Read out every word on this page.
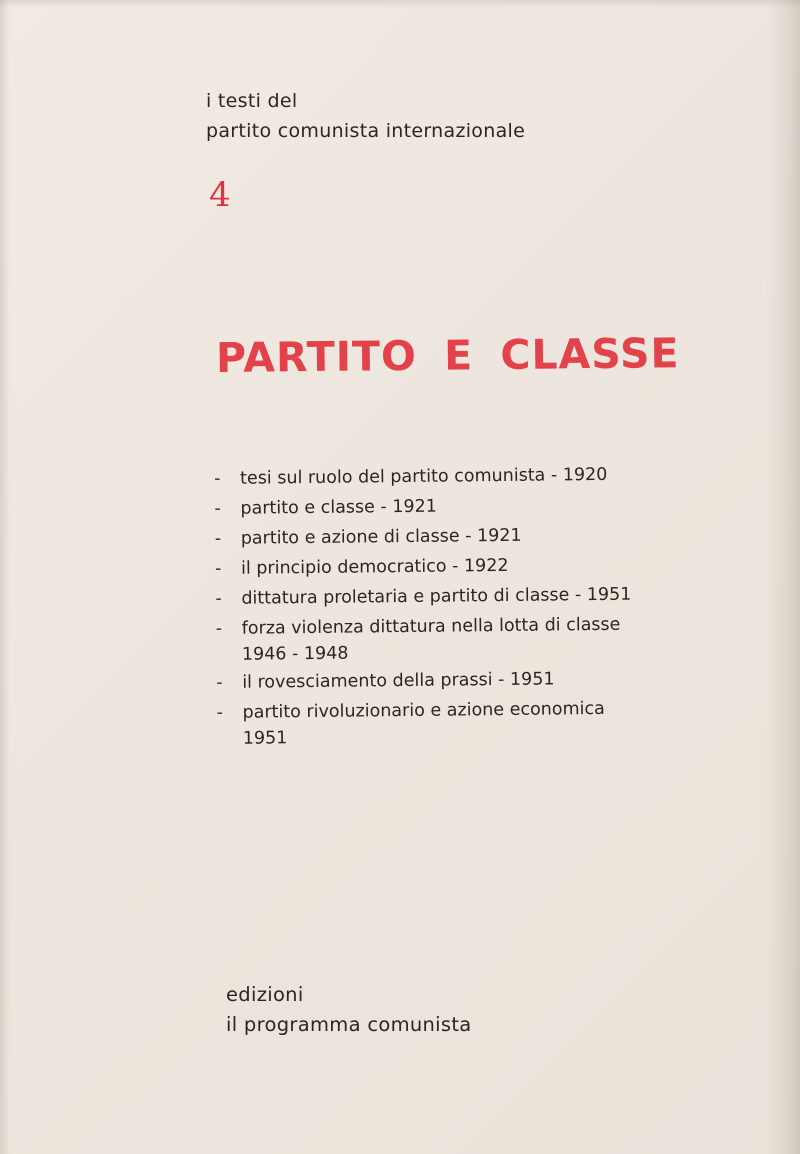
i testi del
partito comunista internazionale
4
PARTITO E CLASSE
- tesi sul ruolo del partito comunista - 1920
- partito e classe - 1921
- partito e azione di classe - 1921
- il principio democratico - 1922
- dittatura proletaria e partito di classe - 1951
- forza violenza dittatura nella lotta di classe
1946 - 1948
- il rovesciamento della prassi - 1951
- partito rivoluzionario e azione economica
1951
edizioni
il programma comunista
